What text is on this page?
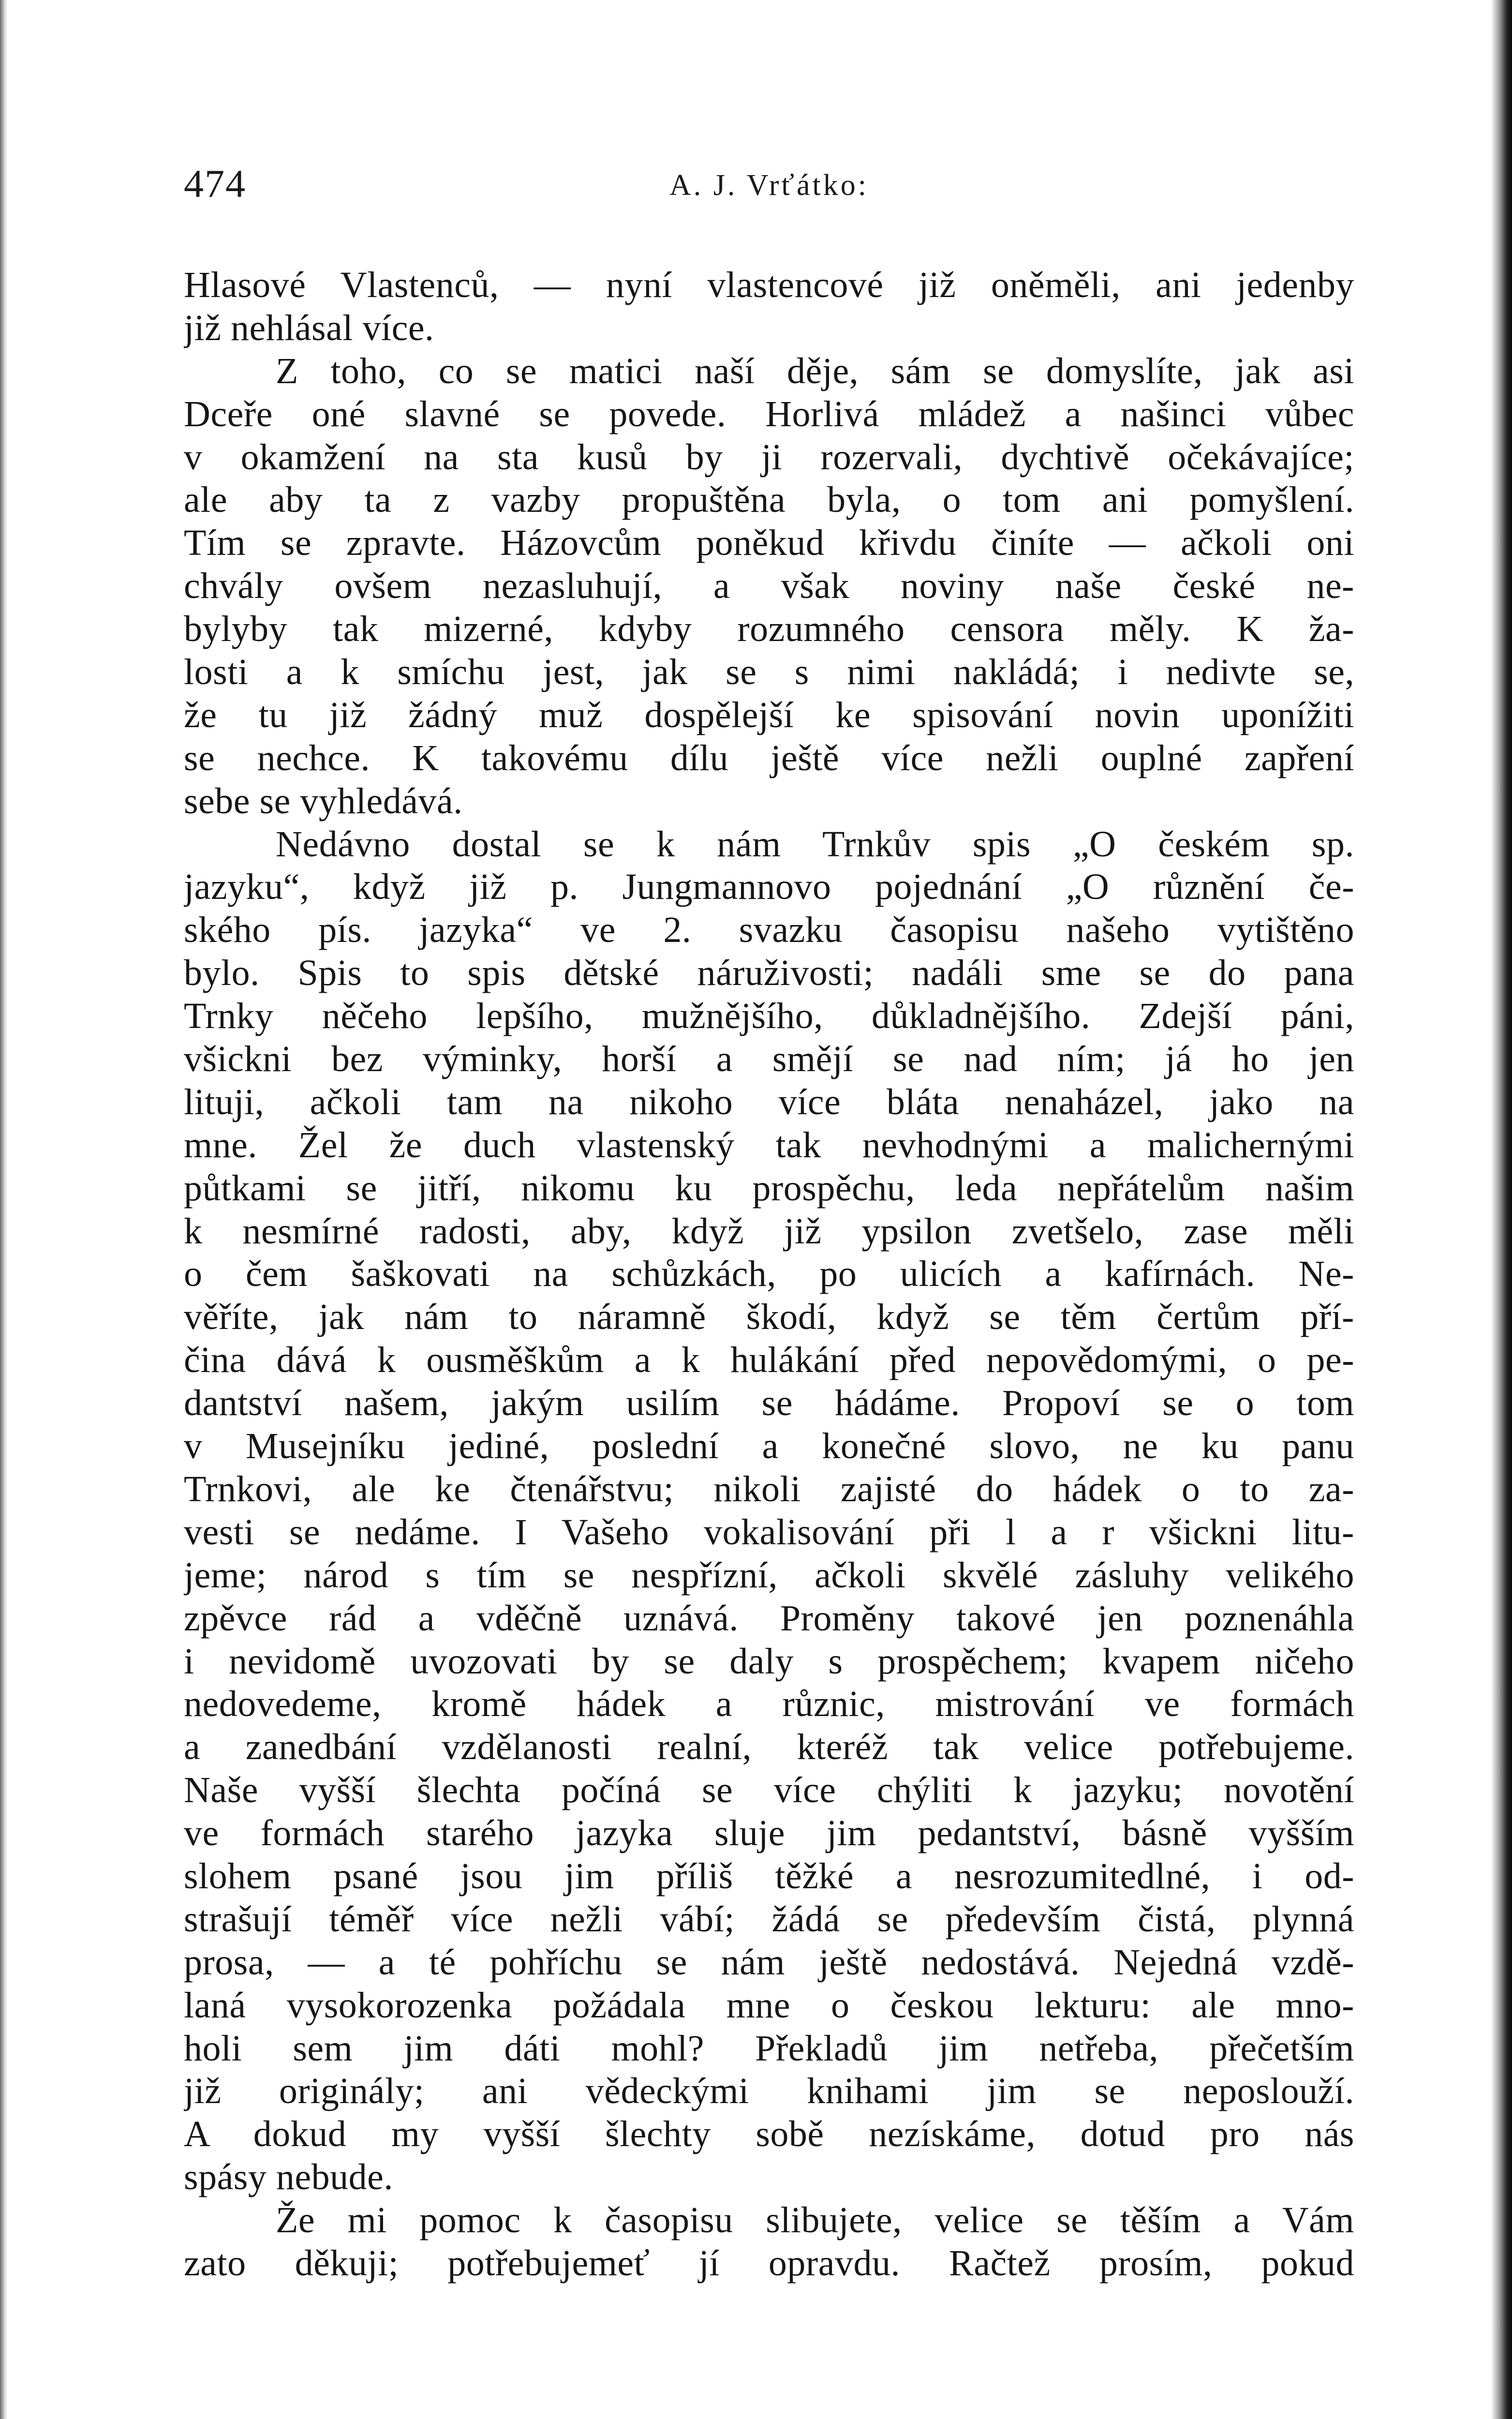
474	A. J. Vrťátko:
Hlasové Vlastenců, — nyní vlastencové již oněměli, ani jedenby
již nehlásal více.
Z toho, co se matici naší děje, sám se domyslíte, jak asi
Dceře oné slavné se povede. Horlivá mládež a našinci vůbec
v okamžení na sta kusů by ji rozervali, dychtivě očekávajíce;
ale aby ta z vazby propuštěna byla, o tom ani pomyšlení.
Tím se zpravte. Házovcům poněkud křivdu činíte — ačkoli oni
chvály ovšem nezasluhují, a však noviny naše české ne-
bylyby tak mizerné, kdyby rozumného censora měly. K ža-
losti a k smíchu jest, jak se s nimi nakládá; i nedivte se,
že tu již žádný muž dospělejší ke spisování novin uponížiti
se nechce. K takovému dílu ještě více nežli ouplné zapření
sebe se vyhledává.
Nedávno dostal se k nám Trnkův spis „O českém sp.
jazyku“, když již p. Jungmannovo pojednání „O různění če-
ského pís. jazyka“ ve 2. svazku časopisu našeho vytištěno
bylo. Spis to spis dětské náruživosti; nadáli sme se do pana
Trnky něčeho lepšího, mužnějšího, důkladnějšího. Zdejší páni,
všickni bez výminky, horší a smějí se nad ním; já ho jen
lituji, ačkoli tam na nikoho více bláta nenaházel, jako na
mne. Žel že duch vlastenský tak nevhodnými a malichernými
půtkami se jitří, nikomu ku prospěchu, leda nepřátelům našim
k nesmírné radosti, aby, když již ypsilon zvetšelo, zase měli
o čem šaškovati na schůzkách, po ulicích a kafírnách. Ne-
věříte, jak nám to náramně škodí, když se těm čertům pří-
čina dává k ousměškům a k hulákání před nepovědomými, o pe-
dantství našem, jakým usilím se hádáme. Propoví se o tom
v Musejníku jediné, poslední a konečné slovo, ne ku panu
Trnkovi, ale ke čtenářstvu; nikoli zajisté do hádek o to za-
vesti se nedáme. I Vašeho vokalisování při l a r všickni litu-
jeme; národ s tím se nespřízní, ačkoli skvělé zásluhy velikého
zpěvce rád a vděčně uznává. Proměny takové jen poznenáhla
i nevidomě uvozovati by se daly s prospěchem; kvapem ničeho
nedovedeme, kromě hádek a různic, mistrování ve formách
a zanedbání vzdělanosti realní, kteréž tak velice potřebujeme.
Naše vyšší šlechta počíná se více chýliti k jazyku; novotění
ve formách starého jazyka sluje jim pedantství, básně vyšším
slohem psané jsou jim příliš těžké a nesrozumitedlné, i od-
strašují téměř více nežli vábí; žádá se především čistá, plynná
prosa, — a té pohříchu se nám ještě nedostává. Nejedná vzdě-
laná vysokorozenka požádala mne o českou lekturu: ale mno-
holi sem jim dáti mohl? Překladů jim netřeba, přečetším
již originály; ani vědeckými knihami jim se neposlouží.
A dokud my vyšší šlechty sobě nezískáme, dotud pro nás
spásy nebude.
Že mi pomoc k časopisu slibujete, velice se těším a Vám
zato děkuji; potřebujemeť jí opravdu. Račtež prosím, pokud
